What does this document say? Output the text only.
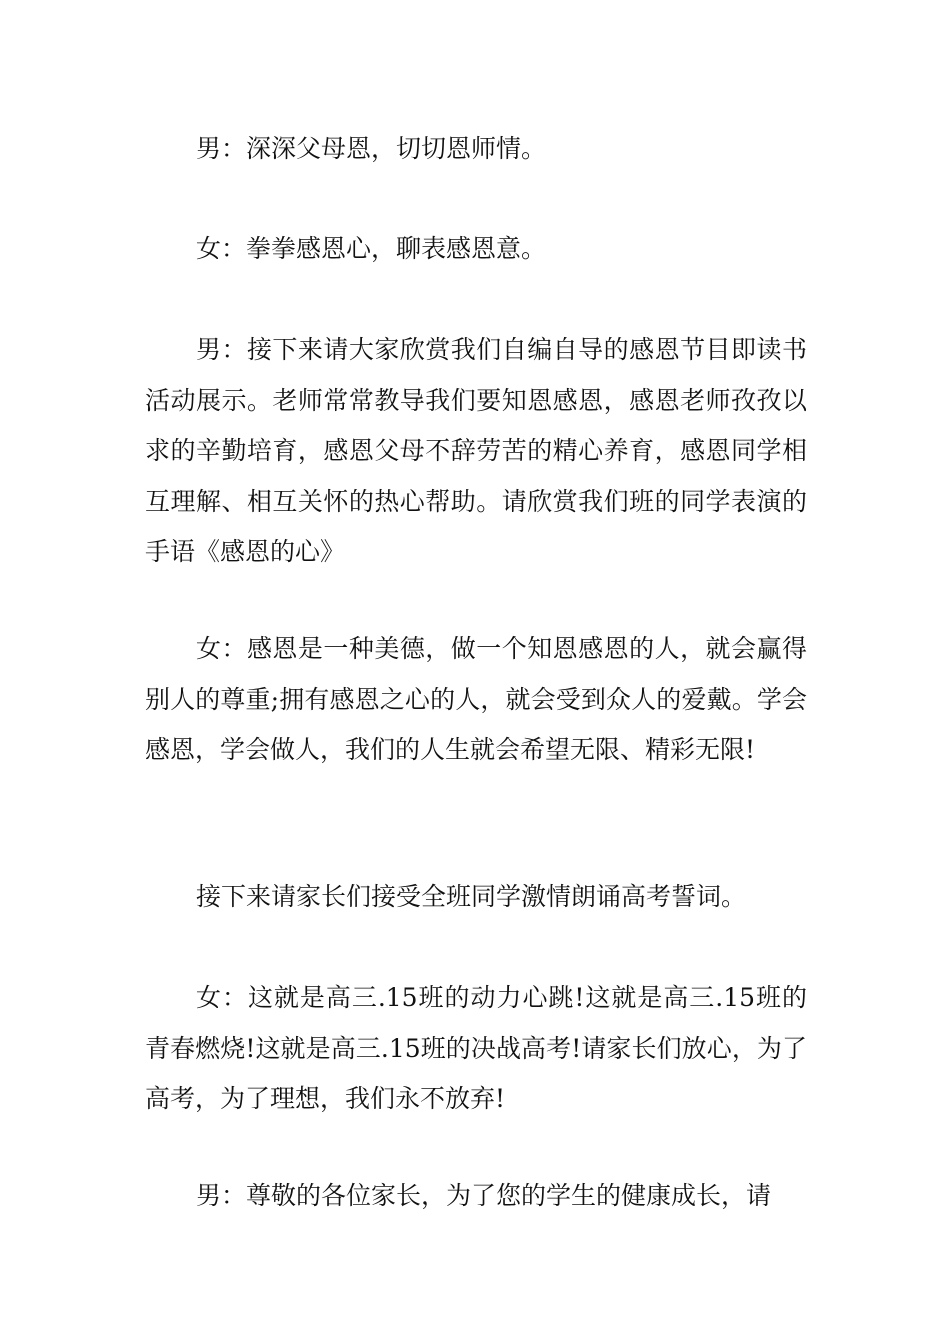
男：深深父母恩，切切恩师情。

女：拳拳感恩心，聊表感恩意。

男：接下来请大家欣赏我们自编自导的感恩节目即读书活动展示。老师常常教导我们要知恩感恩，感恩老师孜孜以求的辛勤培育，感恩父母不辞劳苦的精心养育，感恩同学相互理解、相互关怀的热心帮助。请欣赏我们班的同学表演的手语《感恩的心》

女：感恩是一种美德，做一个知恩感恩的人，就会赢得别人的尊重;拥有感恩之心的人，就会受到众人的爱戴。学会感恩，学会做人，我们的人生就会希望无限、精彩无限!

接下来请家长们接受全班同学激情朗诵高考誓词。

女：这就是高三.15班的动力心跳!这就是高三.15班的青春燃烧!这就是高三.15班的决战高考!请家长们放心，为了高考，为了理想，我们永不放弃!

男：尊敬的各位家长，为了您的学生的健康成长，请
